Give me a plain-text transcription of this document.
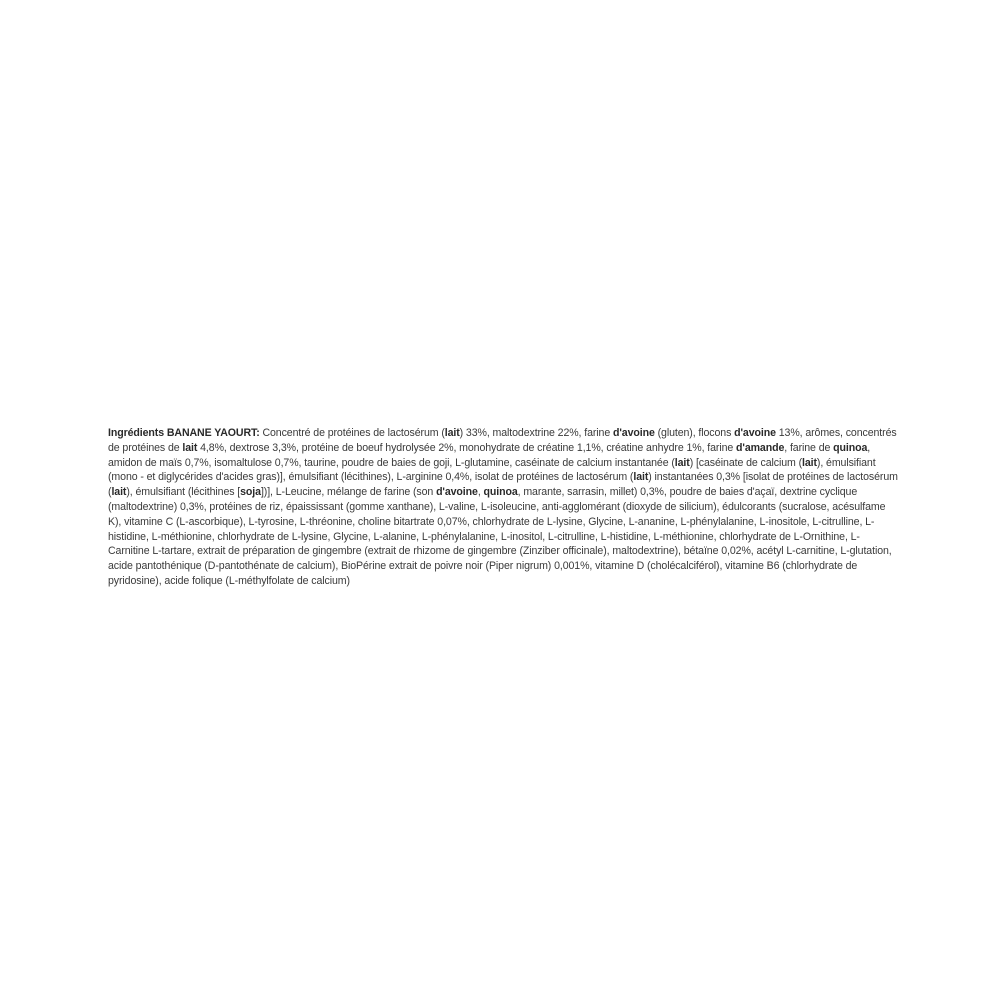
Ingrédients BANANE YAOURT: Concentré de protéines de lactosérum (lait) 33%, maltodextrine 22%, farine d'avoine (gluten), flocons d'avoine 13%, arômes, concentrés de protéines de lait 4,8%, dextrose 3,3%, protéine de boeuf hydrolysée 2%, monohydrate de créatine 1,1%, créatine anhydre 1%, farine d'amande, farine de quinoa, amidon de maïs 0,7%, isomaltulose 0,7%, taurine, poudre de baies de goji, L-glutamine, caséinate de calcium instantanée (lait) [caséinate de calcium (lait), émulsifiant (mono - et diglycérides d'acides gras)], émulsifiant (lécithines), L-arginine 0,4%, isolat de protéines de lactosérum (lait) instantanées 0,3% [isolat de protéines de lactosérum (lait), émulsifiant (lécithines [soja])], L-Leucine, mélange de farine (son d'avoine, quinoa, marante, sarrasin, millet) 0,3%, poudre de baies d'açaï, dextrine cyclique (maltodextrine) 0,3%, protéines de riz, épaississant (gomme xanthane), L-valine, L-isoleucine, anti-agglomérant (dioxyde de silicium), édulcorants (sucralose, acésulfame K), vitamine C (L-ascorbique), L-tyrosine, L-thréonine, choline bitartrate 0,07%, chlorhydrate de L-lysine, Glycine, L-ananine, L-phénylalanine, L-inositole, L-citrulline, L-histidine, L-méthionine, chlorhydrate de L-lysine, Glycine, L-alanine, L-phénylalanine, L-inositol, L-citrulline, L-histidine, L-méthionine, chlorhydrate de L-Ornithine, L-Carnitine L-tartare, extrait de préparation de gingembre (extrait de rhizome de gingembre (Zinziber officinale), maltodextrine), bétaïne 0,02%, acétyl L-carnitine, L-glutation, acide pantothénique (D-pantothénate de calcium), BioPérine extrait de poivre noir (Piper nigrum) 0,001%, vitamine D (cholécalciférol), vitamine B6 (chlorhydrate de pyridosine), acide folique (L-méthylfolate de calcium)
